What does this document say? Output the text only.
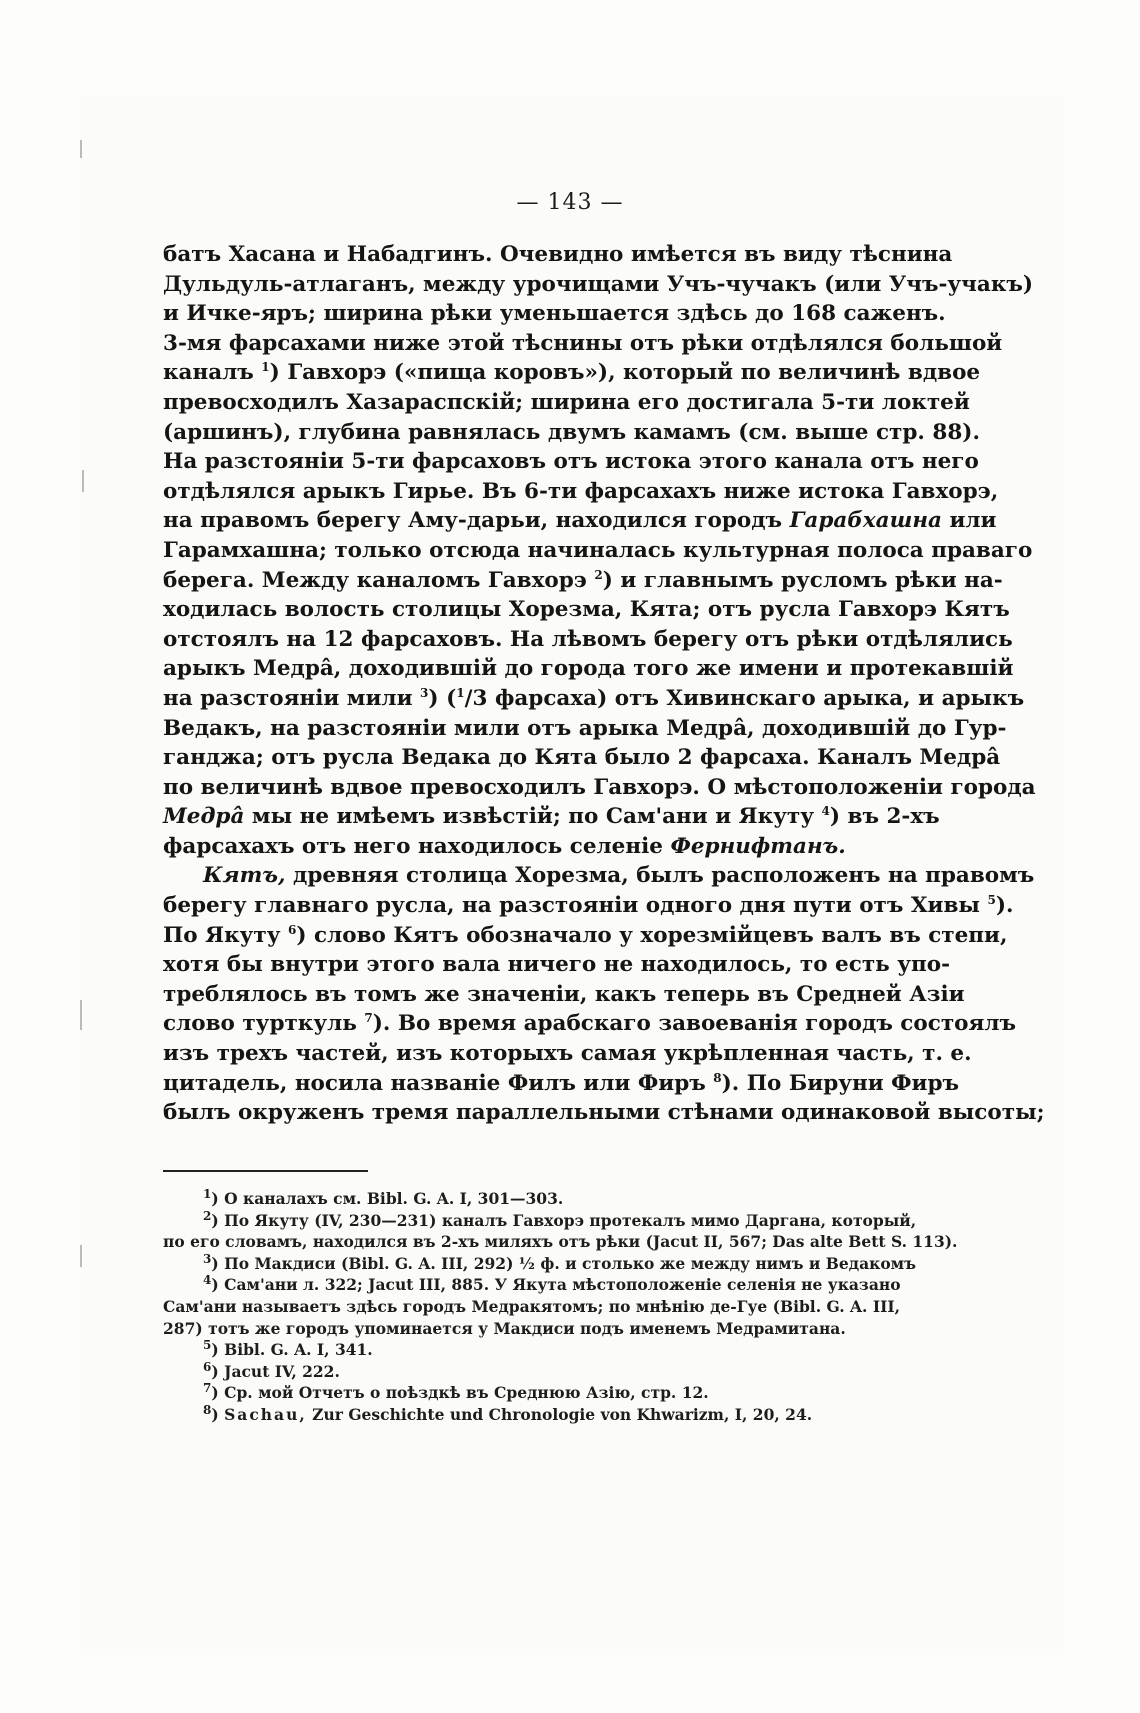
— 143 —
батъ Хасана и Набадгинъ. Очевидно имѣется въ виду тѣснина
Дульдуль-атлаганъ, между урочищами Учъ-чучакъ (или Учъ-учакъ)
и Ичке-яръ; ширина рѣки уменьшается здѣсь до 168 саженъ.
3-мя фарсахами ниже этой тѣснины отъ рѣки отдѣлялся большой
каналъ $^1$) Гавхорэ («пища коровъ»), который по величинѣ вдвое
превосходилъ Хазараспскій; ширина его достигала 5-ти локтей
(аршинъ), глубина равнялась двумъ камамъ (см. выше стр. 88).
На разстояніи 5-ти фарсаховъ отъ истока этого канала отъ него
отдѣлялся арыкъ Гирье. Въ 6-ти фарсахахъ ниже истока Гавхорэ,
на правомъ берегу Аму-дарьи, находился городъ Гарабхашна или
Гарамхашна; только отсюда начиналась культурная полоса праваго
берега. Между каналомъ Гавхорэ $^2$) и главнымъ русломъ рѣки на-
ходилась волость столицы Хорезма, Кята; отъ русла Гавхорэ Кятъ
отстоялъ на 12 фарсаховъ. На лѣвомъ берегу отъ рѣки отдѣлялись
арыкъ Медрâ, доходившій до города того же имени и протекавшій
на разстояніи мили $^3$) ($^1$/3 фарсаха) отъ Хивинскаго арыка, и арыкъ
Ведакъ, на разстояніи мили отъ арыка Медрâ, доходившій до Гур-
ганджа; отъ русла Ведака до Кята было 2 фарсаха. Каналъ Медрâ
по величинѣ вдвое превосходилъ Гавхорэ. О мѣстоположеніи города
Медрâ мы не имѣемъ извѣстій; по Сам'ани и Якуту $^4$) въ 2-хъ
фарсахахъ отъ него находилось селеніе Фернифтанъ.
Кятъ, древняя столица Хорезма, былъ расположенъ на правомъ
берегу главнаго русла, на разстояніи одного дня пути отъ Хивы $^5$).
По Якуту $^6$) слово Кятъ обозначало у хорезмійцевъ валъ въ степи,
хотя бы внутри этого вала ничего не находилось, то есть упо-
треблялось въ томъ же значеніи, какъ теперь въ Средней Азіи
слово турткуль $^7$). Во время арабскаго завоеванія городъ состоялъ
изъ трехъ частей, изъ которыхъ самая укрѣпленная часть, т. е.
цитадель, носила названіе Филъ или Фиръ $^8$). По Бируни Фиръ
былъ окруженъ тремя параллельными стѣнами одинаковой высоты;
$^1$) О каналахъ см. Bibl. G. A. I, 301—303.
$^2$) По Якуту (IV, 230—231) каналъ Гавхорэ протекалъ мимо Даргана, который,
по его словамъ, находился въ 2-хъ миляхъ отъ рѣки (Jacut II, 567; Das alte Bett S. 113).
$^3$) По Макдиси (Bibl. G. A. III, 292) ½ ф. и столько же между нимъ и Ведакомъ
$^4$) Сам'ани л. 322; Jacut III, 885. У Якута мѣстоположеніе селенія не указано
Сам'ани называетъ здѣсь городъ Медракятомъ; по мнѣнію де-Гуе (Bibl. G. A. III,
287) тотъ же городъ упоминается у Макдиси подъ именемъ Медрамитана.
$^5$) Bibl. G. A. I, 341.
$^6$) Jacut IV, 222.
$^7$) Ср. мой Отчетъ о поѣздкѣ въ Среднюю Азію, стр. 12.
$^8$) Sachau, Zur Geschichte und Chronologie von Khwarizm, I, 20, 24.
